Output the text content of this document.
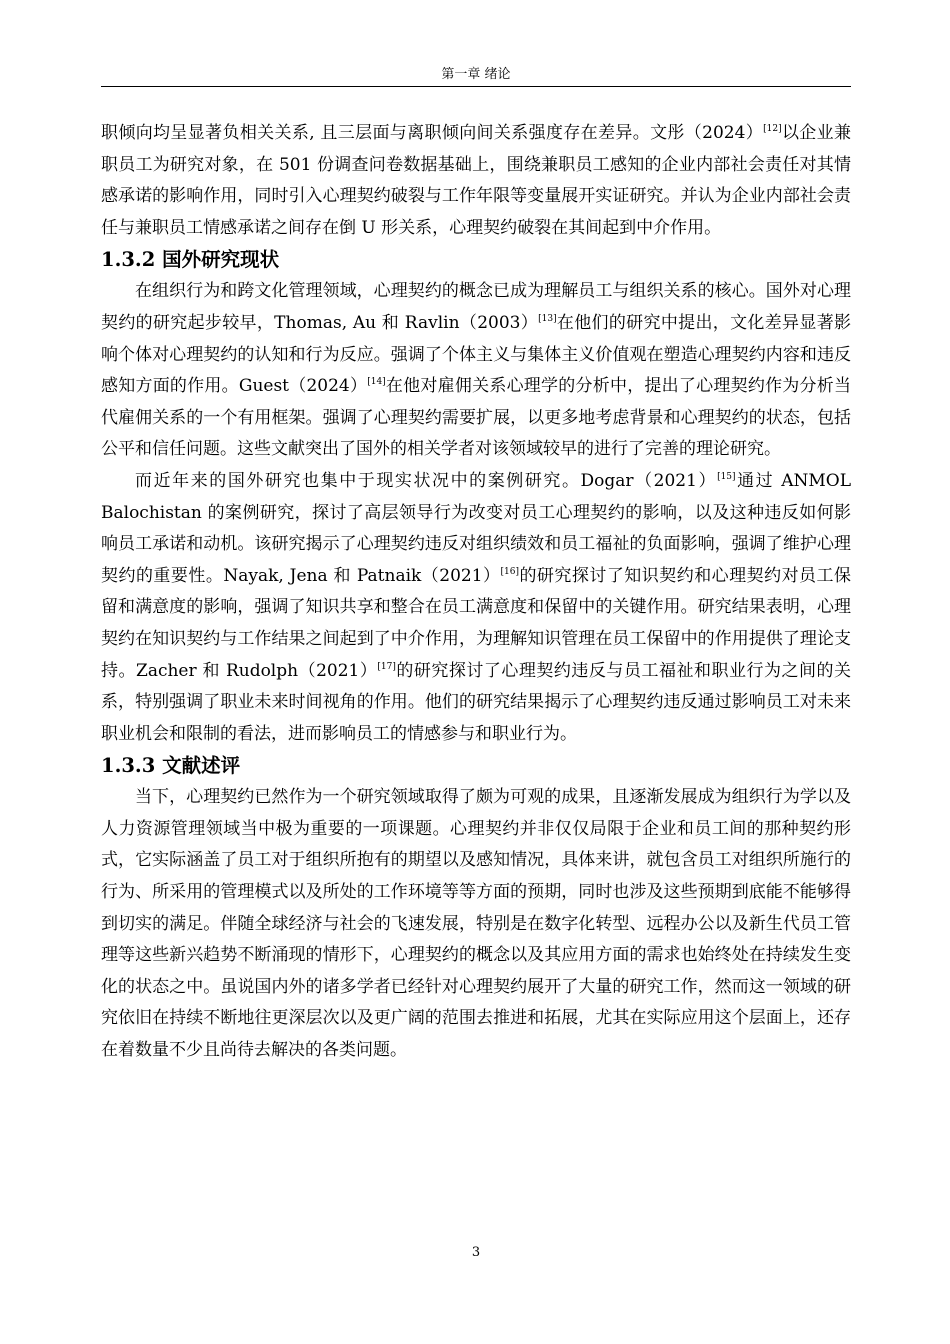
第一章 绪论

职倾向均呈显著负相关关系, 且三层面与离职倾向间关系强度存在差异。文彤（2024）[12]以企业兼职员工为研究对象，在 501 份调查问卷数据基础上，围绕兼职员工感知的企业内部社会责任对其情感承诺的影响作用，同时引入心理契约破裂与工作年限等变量展开实证研究。并认为企业内部社会责任与兼职员工情感承诺之间存在倒 U 形关系，心理契约破裂在其间起到中介作用。

1.3.2 国外研究现状

在组织行为和跨文化管理领域，心理契约的概念已成为理解员工与组织关系的核心。国外对心理契约的研究起步较早，Thomas, Au 和 Ravlin（2003）[13]在他们的研究中提出，文化差异显著影响个体对心理契约的认知和行为反应。强调了个体主义与集体主义价值观在塑造心理契约内容和违反感知方面的作用。Guest（2024）[14]在他对雇佣关系心理学的分析中，提出了心理契约作为分析当代雇佣关系的一个有用框架。强调了心理契约需要扩展，以更多地考虑背景和心理契约的状态，包括公平和信任问题。这些文献突出了国外的相关学者对该领域较早的进行了完善的理论研究。

而近年来的国外研究也集中于现实状况中的案例研究。Dogar（2021）[15]通过 ANMOL Balochistan 的案例研究，探讨了高层领导行为改变对员工心理契约的影响，以及这种违反如何影响员工承诺和动机。该研究揭示了心理契约违反对组织绩效和员工福祉的负面影响，强调了维护心理契约的重要性。Nayak, Jena 和 Patnaik（2021）[16]的研究探讨了知识契约和心理契约对员工保留和满意度的影响，强调了知识共享和整合在员工满意度和保留中的关键作用。研究结果表明，心理契约在知识契约与工作结果之间起到了中介作用，为理解知识管理在员工保留中的作用提供了理论支持。Zacher 和 Rudolph（2021）[17]的研究探讨了心理契约违反与员工福祉和职业行为之间的关系，特别强调了职业未来时间视角的作用。他们的研究结果揭示了心理契约违反通过影响员工对未来职业机会和限制的看法，进而影响员工的情感参与和职业行为。

1.3.3 文献述评

当下，心理契约已然作为一个研究领域取得了颇为可观的成果，且逐渐发展成为组织行为学以及人力资源管理领域当中极为重要的一项课题。心理契约并非仅仅局限于企业和员工间的那种契约形式，它实际涵盖了员工对于组织所抱有的期望以及感知情况，具体来讲，就包含员工对组织所施行的行为、所采用的管理模式以及所处的工作环境等等方面的预期，同时也涉及这些预期到底能不能够得到切实的满足。伴随全球经济与社会的飞速发展，特别是在数字化转型、远程办公以及新生代员工管理等这些新兴趋势不断涌现的情形下，心理契约的概念以及其应用方面的需求也始终处在持续发生变化的状态之中。虽说国内外的诸多学者已经针对心理契约展开了大量的研究工作，然而这一领域的研究依旧在持续不断地往更深层次以及更广阔的范围去推进和拓展，尤其在实际应用这个层面上，还存在着数量不少且尚待去解决的各类问题。

3
